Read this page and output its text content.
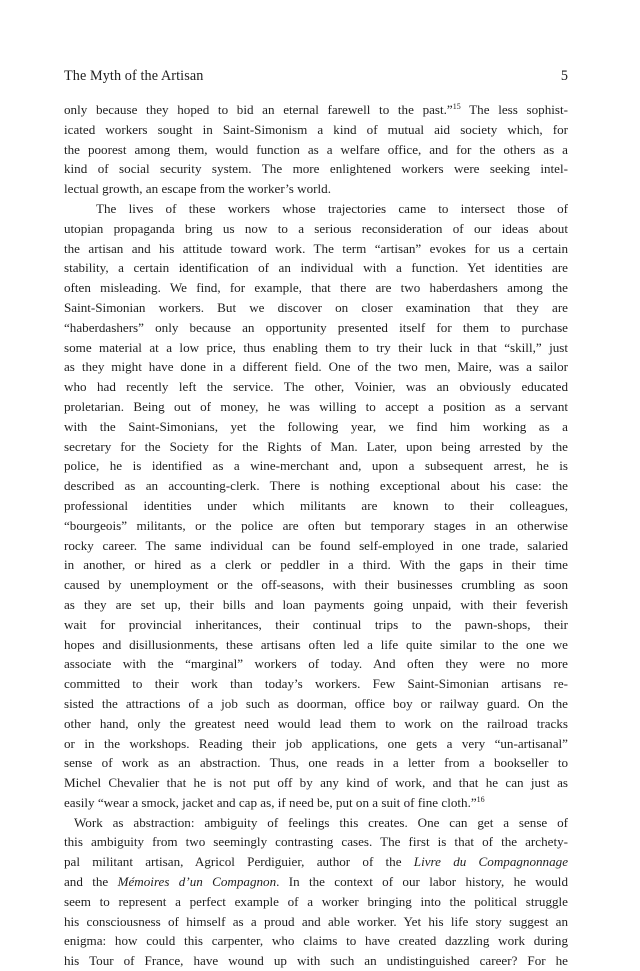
The Myth of the Artisan	5
only because they hoped to bid an eternal farewell to the past.”$^{15}$ The less sophist-
icated workers sought in Saint-Simonism a kind of mutual aid society which, for
the poorest among them, would function as a welfare office, and for the others as a
kind of social security system. The more enlightened workers were seeking intel-
lectual growth, an escape from the worker’s world.
The lives of these workers whose trajectories came to intersect those of
utopian propaganda bring us now to a serious reconsideration of our ideas about
the artisan and his attitude toward work. The term “artisan” evokes for us a certain
stability, a certain identification of an individual with a function. Yet identities are
often misleading. We find, for example, that there are two haberdashers among the
Saint-Simonian workers. But we discover on closer examination that they are
“haberdashers” only because an opportunity presented itself for them to purchase
some material at a low price, thus enabling them to try their luck in that “skill,” just
as they might have done in a different field. One of the two men, Maire, was a sailor
who had recently left the service. The other, Voinier, was an obviously educated
proletarian. Being out of money, he was willing to accept a position as a servant
with the Saint-Simonians, yet the following year, we find him working as a
secretary for the Society for the Rights of Man. Later, upon being arrested by the
police, he is identified as a wine-merchant and, upon a subsequent arrest, he is
described as an accounting-clerk. There is nothing exceptional about his case: the
professional identities under which militants are known to their colleagues,
“bourgeois” militants, or the police are often but temporary stages in an otherwise
rocky career. The same individual can be found self-employed in one trade, salaried
in another, or hired as a clerk or peddler in a third. With the gaps in their time
caused by unemployment or the off-seasons, with their businesses crumbling as soon
as they are set up, their bills and loan payments going unpaid, with their feverish
wait for provincial inheritances, their continual trips to the pawn-shops, their
hopes and disillusionments, these artisans often led a life quite similar to the one we
associate with the “marginal” workers of today. And often they were no more
committed to their work than today’s workers. Few Saint-Simonian artisans re-
sisted the attractions of a job such as doorman, office boy or railway guard. On the
other hand, only the greatest need would lead them to work on the railroad tracks
or in the workshops. Reading their job applications, one gets a very “un-artisanal”
sense of work as an abstraction. Thus, one reads in a letter from a bookseller to
Michel Chevalier that he is not put off by any kind of work, and that he can just as
easily “wear a smock, jacket and cap as, if need be, put on a suit of fine cloth.”$^{16}$
Work as abstraction: ambiguity of feelings this creates. One can get a sense of
this ambiguity from two seemingly contrasting cases. The first is that of the archety-
pal militant artisan, Agricol Perdiguier, author of the Livre du Compagnonnage
and the Mémoires d’un Compagnon. In the context of our labor history, he would
seem to represent a perfect example of a worker bringing into the political struggle
his consciousness of himself as a proud and able worker. Yet his life story suggest an
enigma: how could this carpenter, who claims to have created dazzling work during
his Tour of France, have wound up with such an undistinguished career? For he
